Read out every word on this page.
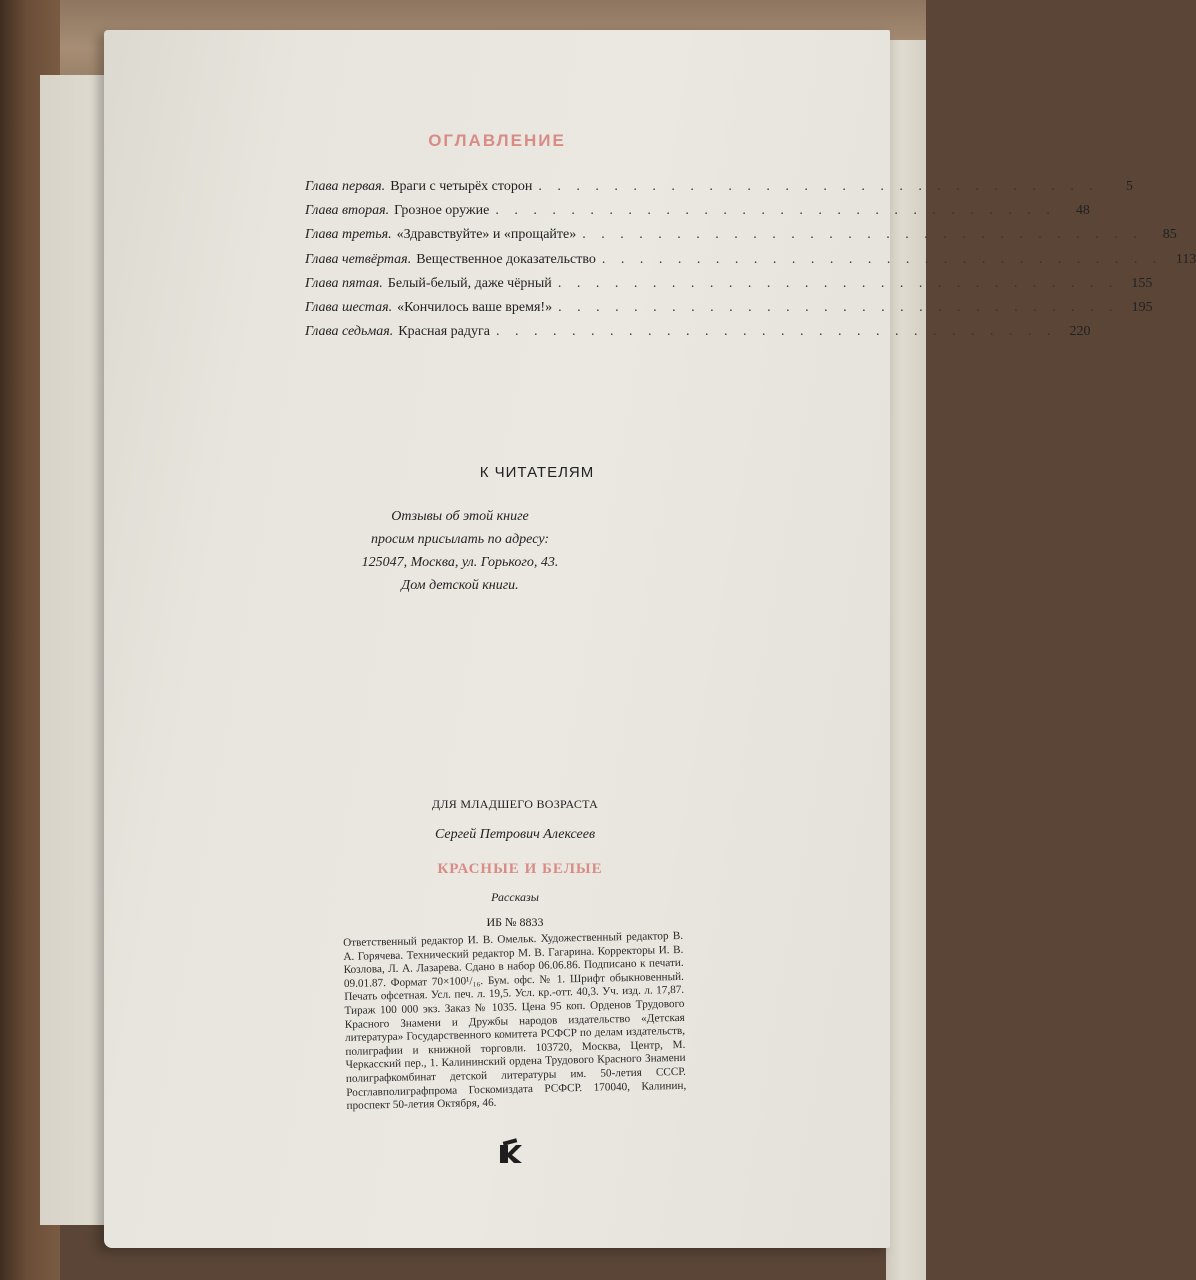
ОГЛАВЛЕНИЕ
Глава первая. Враги с четырёх сторон . . . . . . . . . . . . . . . . . . . . . . . . . . . . . .	5
Глава вторая. Грозное оружие . . . . . . . . . . . . . . . . . . . . . . . . . . . . . .	48
Глава третья. «Здравствуйте» и «прощайте» . . . . . . . . . . . . . . . . . . . . . . . . . . . . . .	85
Глава четвёртая. Вещественное доказательство . . . . . . . . . . . . . . . . . . . . . . . . . . . . . . 113
Глава пятая. Белый-белый, даже чёрный . . . . . . . . . . . . . . . . . . . . . . . . . . . . . . 155
Глава шестая. «Кончилось ваше время!» . . . . . . . . . . . . . . . . . . . . . . . . . . . . . . 195
Глава седьмая. Красная радуга . . . . . . . . . . . . . . . . . . . . . . . . . . . . . . 220
К ЧИТАТЕЛЯМ
Отзывы об этой книге
просим присылать по адресу:
125047, Москва, ул. Горького, 43.
Дом детской книги.
ДЛЯ МЛАДШЕГО ВОЗРАСТА
Сергей Петрович Алексеев
КРАСНЫЕ И БЕЛЫЕ
Рассказы
ИБ № 8833
Ответственный редактор И. В. Омельк. Художественный редактор В. А. Горячева. Технический редактор М. В. Гагарина. Корректоры И. В. Козлова, Л. А. Лазарева. Сдано в набор 06.06.86. Подписано к печати. 09.01.87. Формат 70×100¹/₁₆. Бум. офс. № 1. Шрифт обыкновенный. Печать офсетная. Усл. печ. л. 19,5. Усл. кр.-отт. 40,3. Уч. изд. л. 17,87. Тираж 100 000 экз. Заказ № 1035. Цена 95 коп. Орденов Трудового Красного Знамени и Дружбы народов издательство «Детская литература» Государственного комитета РСФСР по делам издательств, полиграфии и книжной торговли. 103720, Москва, Центр, М. Черкасский пер., 1. Калининский ордена Трудового Красного Знамени полиграфкомбинат детской литературы им. 50-летия СССР. Росглавполиграфпрома Госкомиздата РСФСР. 170040, Калинин, проспект 50-летия Октября, 46.
